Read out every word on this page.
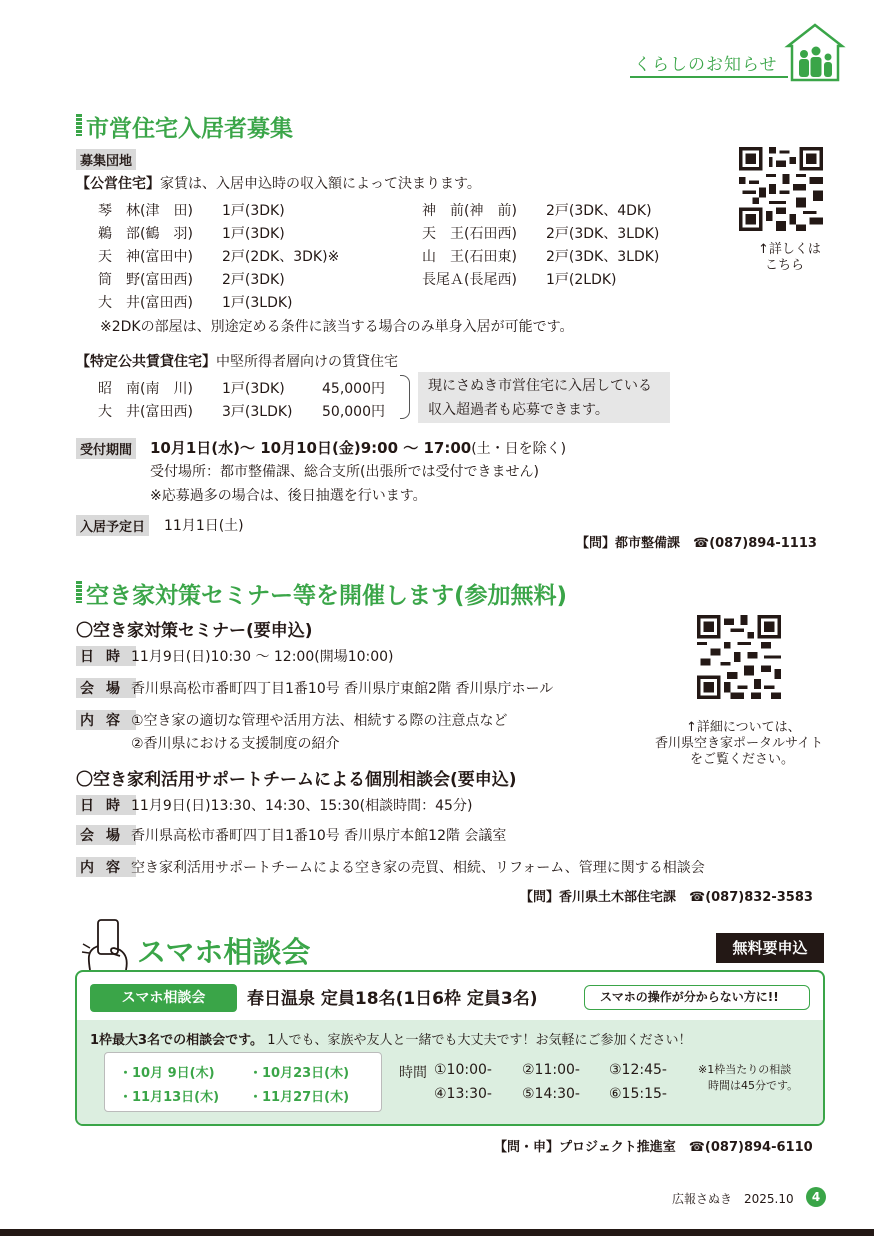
くらしのお知らせ
市営住宅入居者募集
募集団地
【公営住宅】家賃は、入居申込時の収入額によって決まります。
琴　林 (津　田) 1戸(3DK)
鵜　部 (鶴　羽) 1戸(3DK)
天　神 (富田中) 2戸(2DK、3DK)※
筒　野 (富田西) 2戸(3DK)
大　井 (富田西) 1戸(3LDK)
神　前 (神　前) 2戸(3DK、4DK)
天　王 (石田西) 2戸(3DK、3LDK)
山　王 (石田東) 2戸(3DK、3LDK)
長尾Ａ (長尾西) 1戸(2LDK)
※2DKの部屋は、別途定める条件に該当する場合のみ単身入居が可能です。
【特定公共賃貸住宅】中堅所得者層向けの賃貸住宅
昭　南 (南　川) 1戸(3DK)	45,000円
大　井 (富田西) 3戸(3LDK) 50,000円
現にさぬき市営住宅に入居している
収入超過者も応募できます。
受付期間 10月1日(水)～ 10月10日(金)9:00 ～ 17:00(土・日を除く)
受付場所：都市整備課、総合支所(出張所では受付できません)
※応募過多の場合は、後日抽選を行います。
入居予定日 11月1日(土)
【問】都市整備課　☎(087)894-1113
↑詳しくは
こちら
空き家対策セミナー等を開催します(参加無料)
〇空き家対策セミナー(要申込)
日時 11月9日(日)10:30 ～ 12:00(開場10:00)
会場 香川県高松市番町四丁目1番10号 香川県庁東館2階 香川県庁ホール
内容 ①空き家の適切な管理や活用方法、相続する際の注意点など
②香川県における支援制度の紹介
↑詳細については、
香川県空き家ポータルサイト
をご覧ください。
〇空き家利活用サポートチームによる個別相談会(要申込)
日時 11月9日(日)13:30、14:30、15:30(相談時間：45分)
会場 香川県高松市番町四丁目1番10号 香川県庁本館12階 会議室
内容 空き家利活用サポートチームによる空き家の売買、相続、リフォーム、管理に関する相談会
【問】香川県土木部住宅課　☎(087)832-3583
スマホ相談会	無料要申込
スマホ相談会	春日温泉 定員18名(1日6枠 定員3名)	スマホの操作が分からない方に!!
1枠最大3名での相談会です。 1人でも、家族や友人と一緒でも大丈夫です！お気軽にご参加ください！
・10月 9日(木)	・10月23日(木)
・11月13日(木) ・11月27日(木)
時間 ①10:00- ②11:00- ③12:45-
④13:30- ⑤14:30- ⑥15:15-
※1枠当たりの相談
時間は45分です。
【問・申】プロジェクト推進室　☎(087)894-6110
広報さぬき　2025.10	4
